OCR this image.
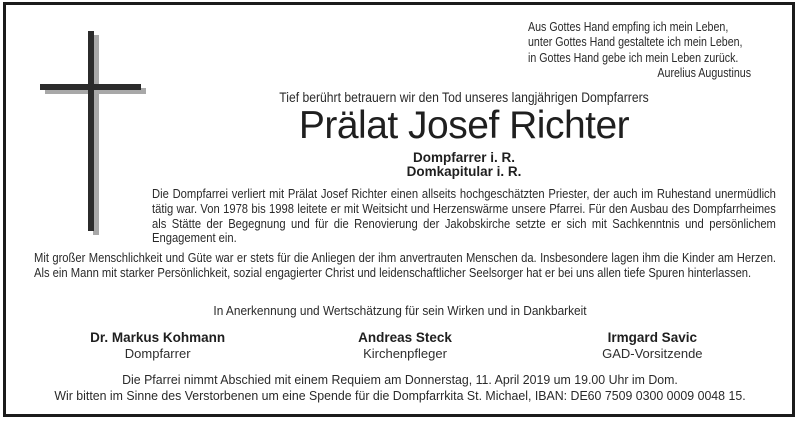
Aus Gottes Hand empfing ich mein Leben,
unter Gottes Hand gestaltete ich mein Leben,
in Gottes Hand gebe ich mein Leben zurück.
Aurelius Augustinus
Tief berührt betrauern wir den Tod unseres langjährigen Dompfarrers
Prälat Josef Richter
Dompfarrer i. R.
Domkapitular i. R.
Die Dompfarrei verliert mit Prälat Josef Richter einen allseits hochgeschätzten Priester, der auch im Ruhestand unermüdlich tätig war. Von 1978 bis 1998 leitete er mit Weitsicht und Herzenswärme unsere Pfarrei. Für den Ausbau des Dompfarrheimes als Stätte der Begegnung und für die Renovierung der Jakobskirche setzte er sich mit Sachkenntnis und persönlichem Engagement ein.
Mit großer Menschlichkeit und Güte war er stets für die Anliegen der ihm anvertrauten Menschen da. Insbesondere lagen ihm die Kinder am Herzen. Als ein Mann mit starker Persönlichkeit, sozial engagierter Christ und leidenschaftlicher Seelsorger hat er bei uns allen tiefe Spuren hinterlassen.
In Anerkennung und Wertschätzung für sein Wirken und in Dankbarkeit
Dr. Markus Kohmann
Dompfarrer
Andreas Steck
Kirchenpfleger
Irmgard Savic
GAD-Vorsitzende
Die Pfarrei nimmt Abschied mit einem Requiem am Donnerstag, 11. April 2019 um 19.00 Uhr im Dom.
Wir bitten im Sinne des Verstorbenen um eine Spende für die Dompfarrkita St. Michael, IBAN: DE60 7509 0300 0009 0048 15.
